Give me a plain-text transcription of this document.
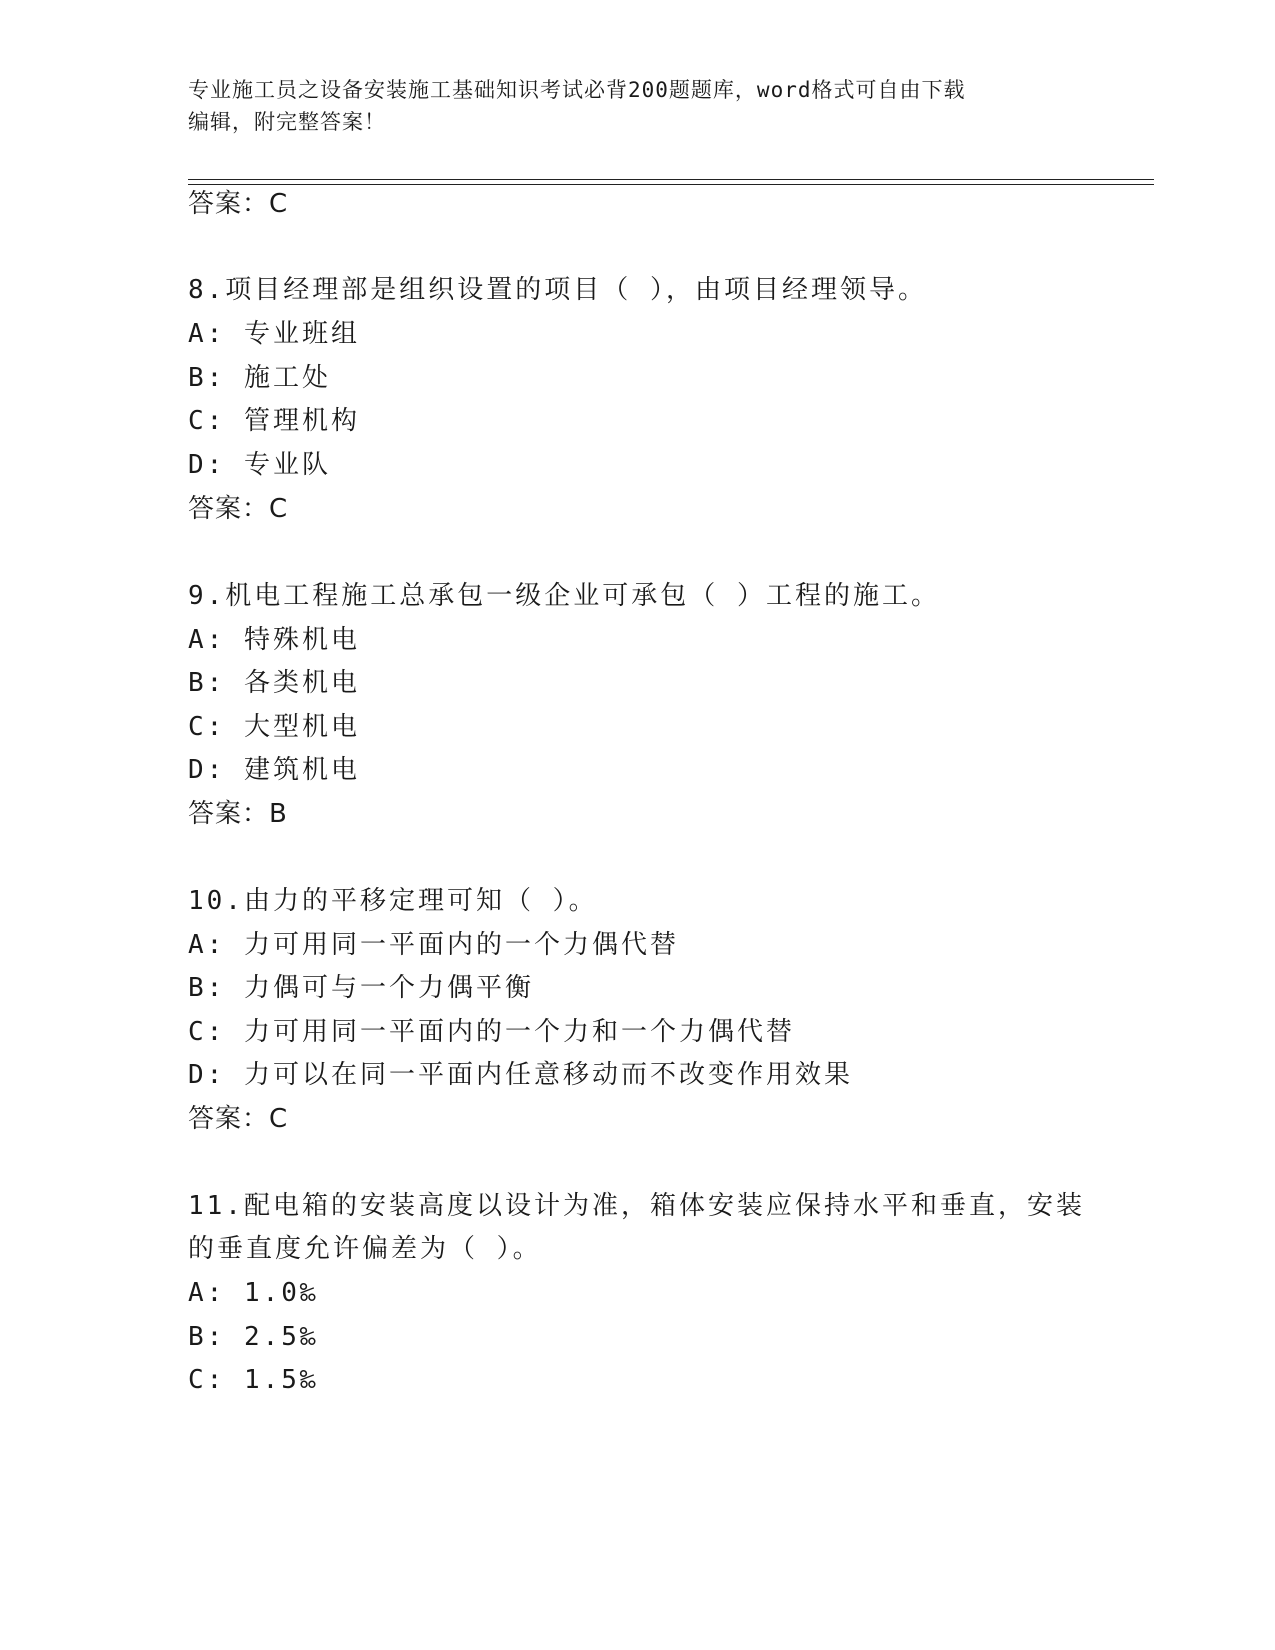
专业施工员之设备安装施工基础知识考试必背200题题库，word格式可自由下载
编辑，附完整答案！
答案：C
8.项目经理部是组织设置的项目（ ），由项目经理领导。
A: 专业班组
B: 施工处
C: 管理机构
D: 专业队
答案：C
9.机电工程施工总承包一级企业可承包（ ）工程的施工。
A: 特殊机电
B: 各类机电
C: 大型机电
D: 建筑机电
答案：B
10.由力的平移定理可知（ ）。
A: 力可用同一平面内的一个力偶代替
B: 力偶可与一个力偶平衡
C: 力可用同一平面内的一个力和一个力偶代替
D: 力可以在同一平面内任意移动而不改变作用效果
答案：C
11.配电箱的安装高度以设计为准，箱体安装应保持水平和垂直，安装
的垂直度允许偏差为（ ）。
A: 1.0‰
B: 2.5‰
C: 1.5‰
